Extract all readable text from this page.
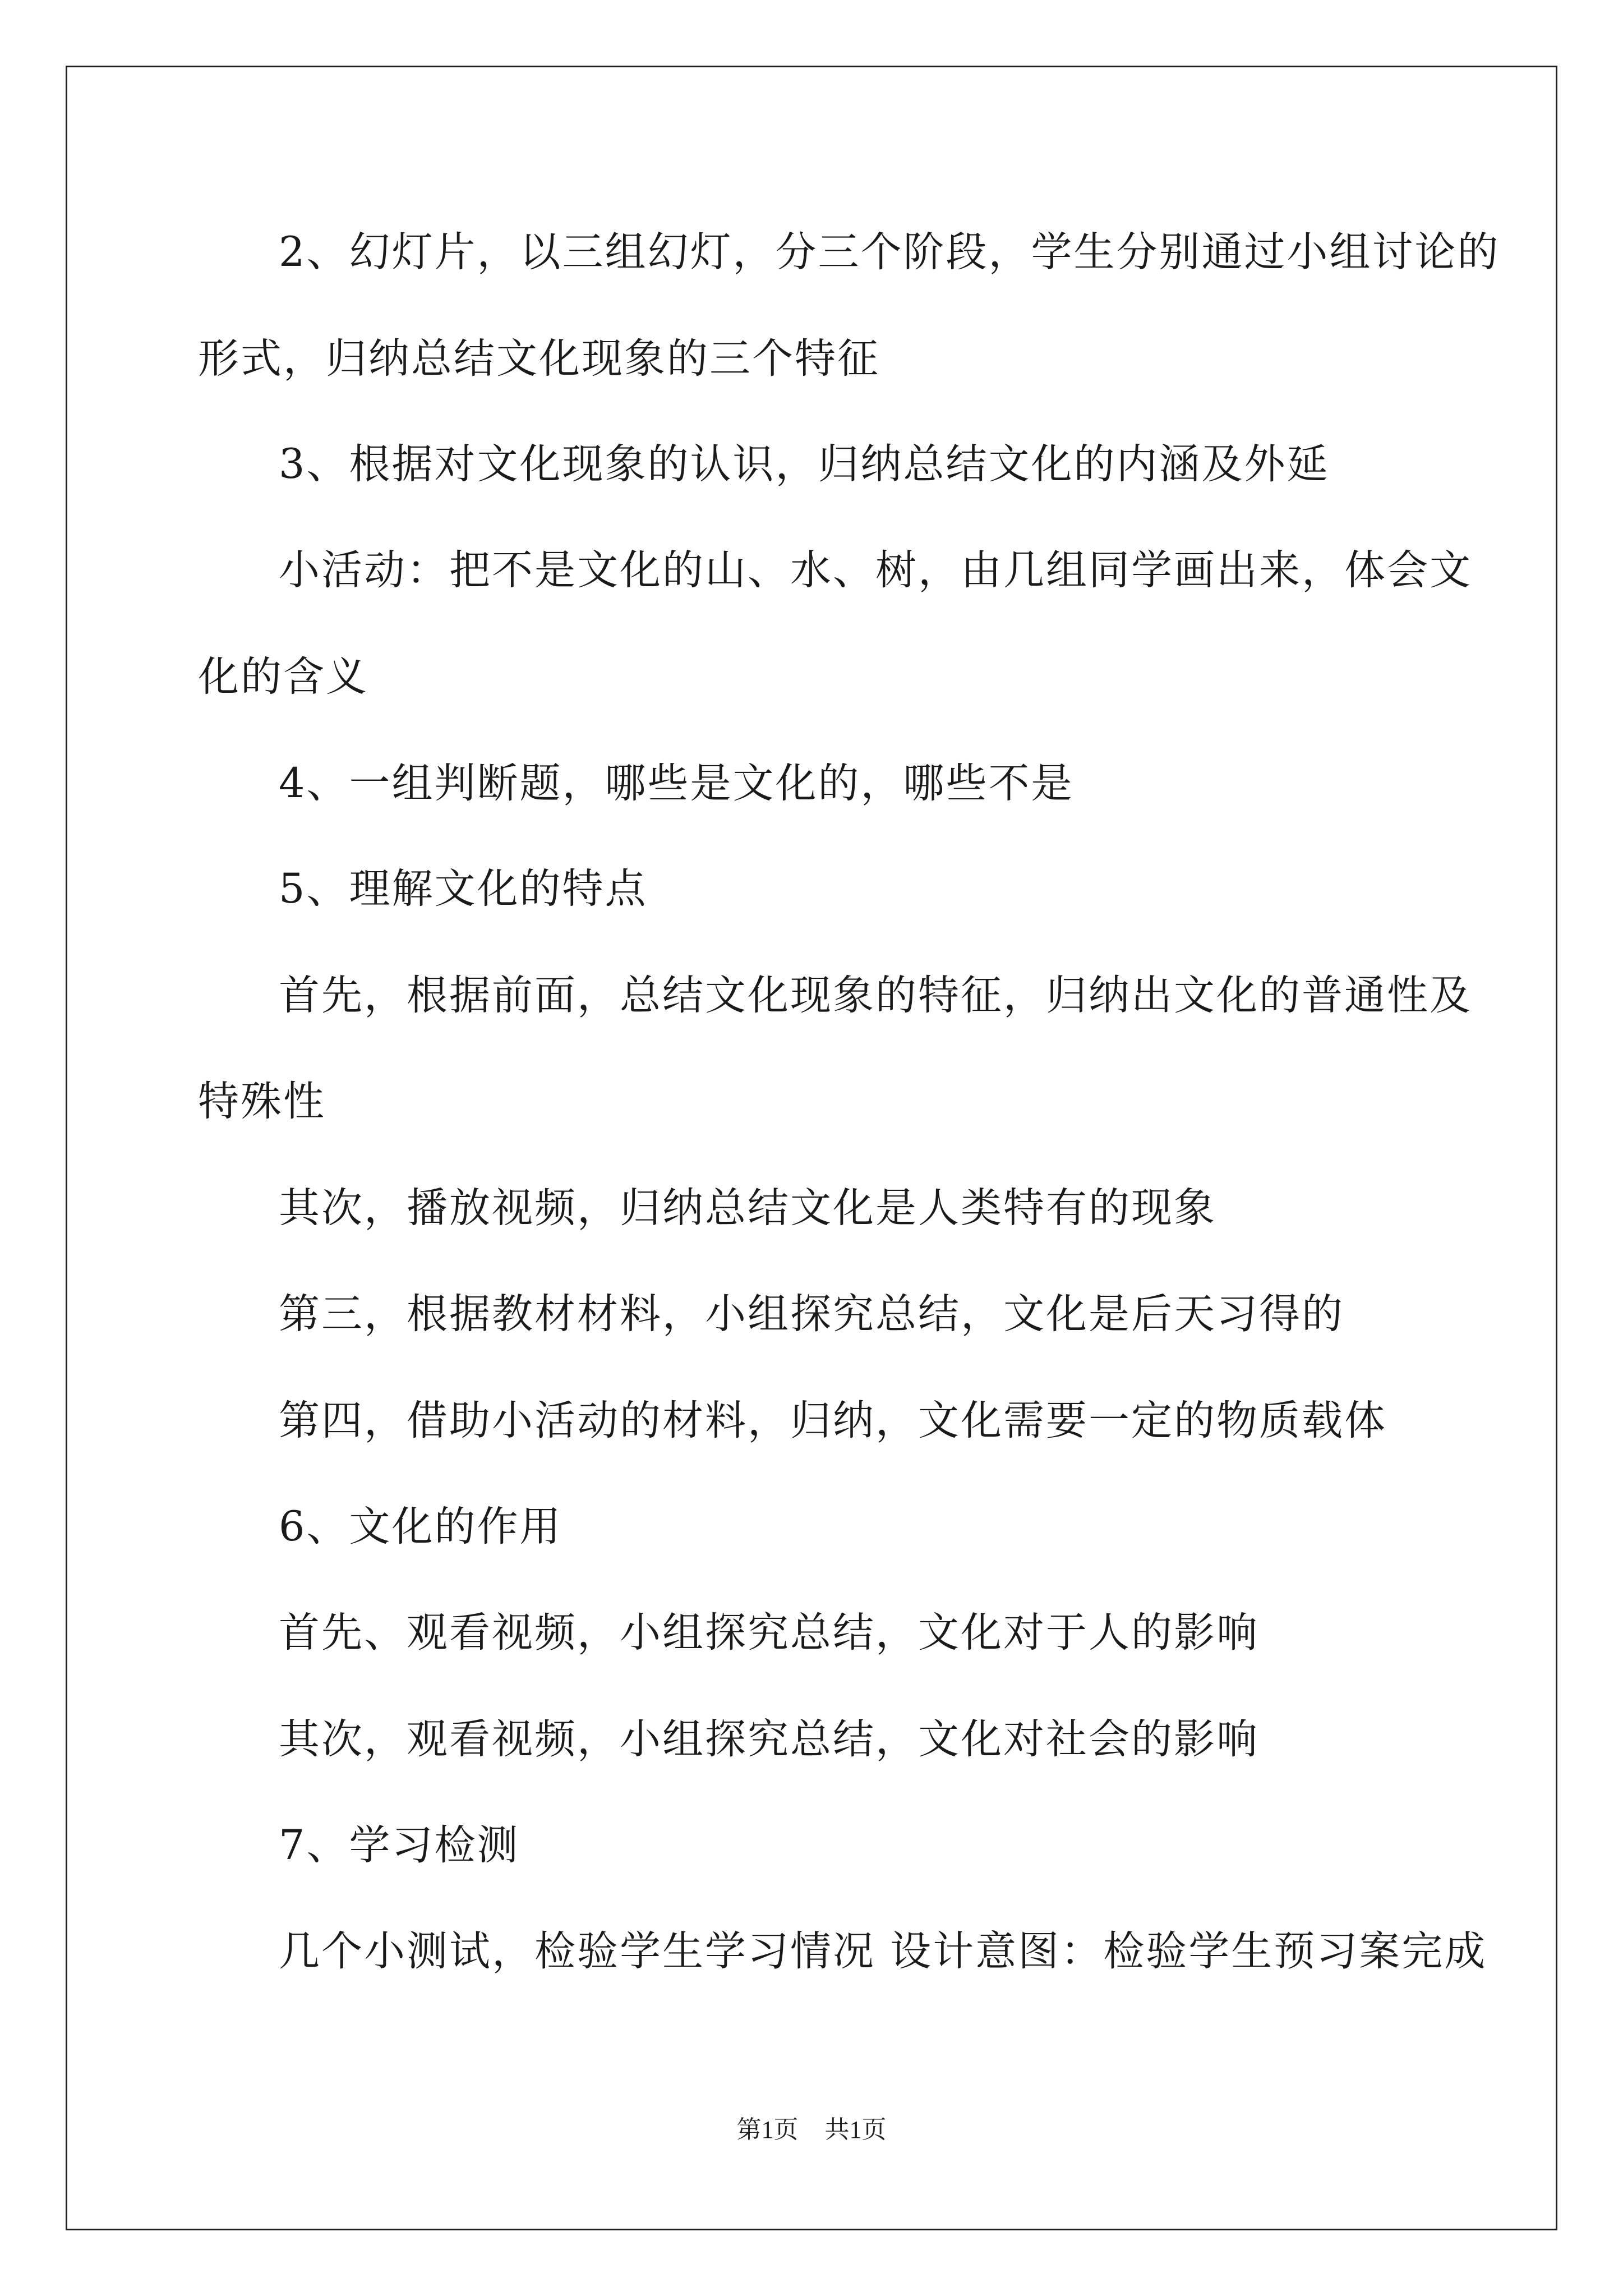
2、幻灯片，以三组幻灯，分三个阶段，学生分别通过小组讨论的
形式，归纳总结文化现象的三个特征
3、根据对文化现象的认识，归纳总结文化的内涵及外延
小活动：把不是文化的山、水、树，由几组同学画出来，体会文
化的含义
4、一组判断题，哪些是文化的，哪些不是
5、理解文化的特点
首先，根据前面，总结文化现象的特征，归纳出文化的普通性及
特殊性
其次，播放视频，归纳总结文化是人类特有的现象
第三，根据教材材料，小组探究总结，文化是后天习得的
第四，借助小活动的材料，归纳，文化需要一定的物质载体
6、文化的作用
首先、观看视频，小组探究总结，文化对于人的影响
其次，观看视频，小组探究总结，文化对社会的影响
7、学习检测
几个小测试，检验学生学习情况 设计意图：检验学生预习案完成
第1页 共1页
